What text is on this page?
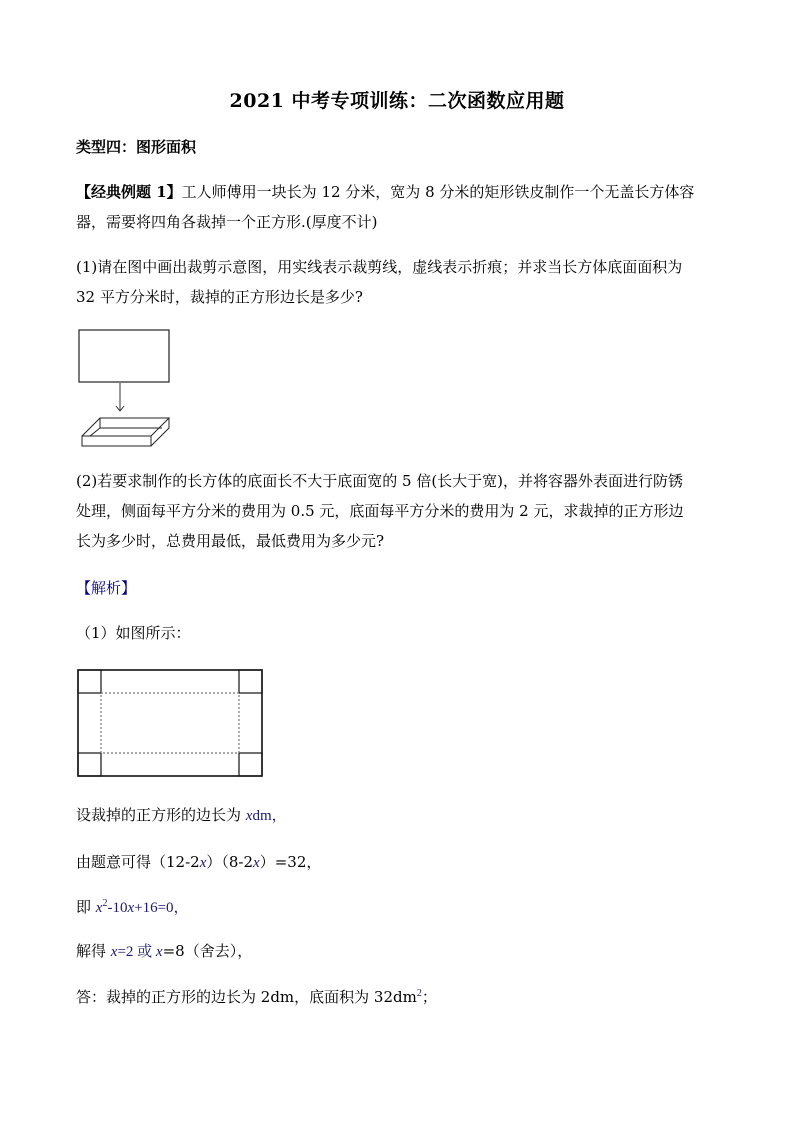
2021 中考专项训练：二次函数应用题
类型四：图形面积
【经典例题 1】工人师傅用一块长为 12 分米，宽为 8 分米的矩形铁皮制作一个无盖长方体容
器，需要将四角各裁掉一个正方形.(厚度不计)
(1)请在图中画出裁剪示意图，用实线表示裁剪线，虚线表示折痕；并求当长方体底面面积为
32 平方分米时，裁掉的正方形边长是多少?
(2)若要求制作的长方体的底面长不大于底面宽的 5 倍(长大于宽)，并将容器外表面进行防锈
处理，侧面每平方分米的费用为 0.5 元，底面每平方分米的费用为 2 元，求裁掉的正方形边
长为多少时，总费用最低，最低费用为多少元?
【解析】
（1）如图所示：
设裁掉的正方形的边长为 xdm，
由题意可得（12-2x）（8-2x）=32，
即 $x^2-10x+16=0$，
解得 x=2 或 x=8（舍去），
答：裁掉的正方形的边长为 2dm，底面积为 $32dm^2$；
